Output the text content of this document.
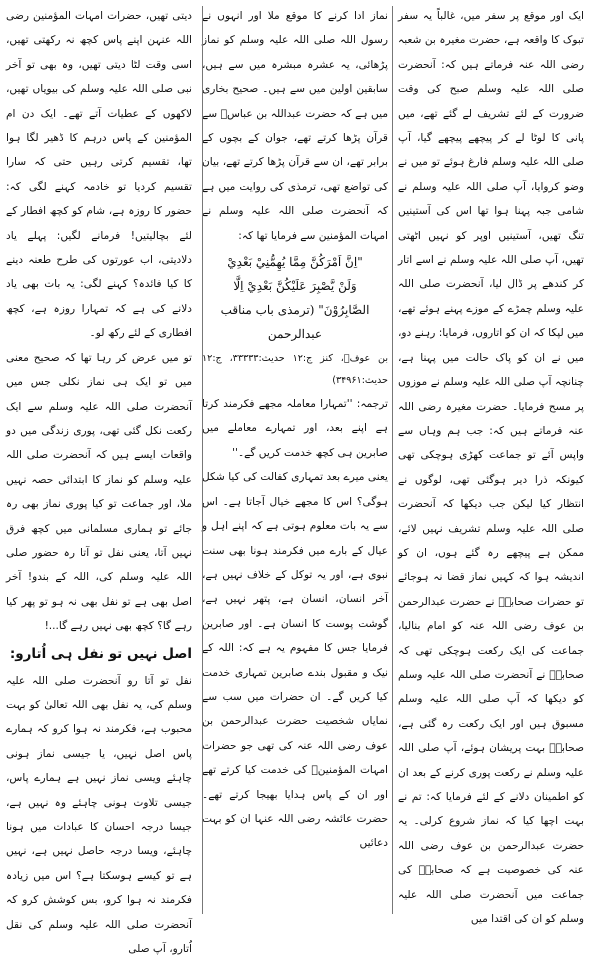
ایک اور موقع پر سفر میں، غالباً یہ سفر تبوک کا واقعہ ہے، حضرت مغیرہ بن شعبہ رضی اللہ عنہ فرماتے ہیں کہ: آنحضرت صلی اللہ علیہ وسلم صبح کی وقت ضرورت کے لئے تشریف لے گئے تھے، میں پانی کا لوٹا لے کر پیچھے پیچھے گیا، آپ صلی اللہ علیہ وسلم فارغ ہوئے تو میں نے وضو کروایا، آپ صلی اللہ علیہ وسلم نے شامی جبہ پہنا ہوا تھا اس کی آستینیں تنگ تھیں، آستینیں اوپر کو نہیں اٹھتی تھیں، آپ صلی اللہ علیہ وسلم نے اسے اتار کر کندھے پر ڈال لیا، آنحضرت صلی اللہ علیہ وسلم چمڑے کے موزے پہنے ہوئے تھے، میں لپکا کہ ان کو اتاروں، فرمایا: رہنے دو، میں نے ان کو پاک حالت میں پہنا ہے، چنانچہ آپ صلی اللہ علیہ وسلم نے موزوں پر مسح فرمایا۔ حضرت مغیرہ رضی اللہ عنہ فرماتے ہیں کہ: جب ہم وہاں سے واپس آئے تو جماعت کھڑی ہوچکی تھی کیونکہ ذرا دیر ہوگئی تھی، لوگوں نے انتظار کیا لیکن جب دیکھا کہ آنحضرت صلی اللہ علیہ وسلم تشریف نہیں لائے، ممکن ہے پیچھے رہ گئے ہوں، ان کو اندیشہ ہوا کہ کہیں نماز قضا نہ ہوجائے تو حضرات صحابہؓ نے حضرت عبدالرحمن بن عوف رضی اللہ عنہ کو امام بنالیا، جماعت کی ایک رکعت ہوچکی تھی کہ صحابہؓ نے آنحضرت صلی اللہ علیہ وسلم کو دیکھا کہ آپ صلی اللہ علیہ وسلم مسبوق ہیں اور ایک رکعت رہ گئی ہے، صحابہؓ بہت پریشان ہوئے، آپ صلی اللہ علیہ وسلم نے رکعت پوری کرنے کے بعد ان کو اطمینان دلانے کے لئے فرمایا کہ: تم نے بہت اچھا کیا کہ نماز شروع کرلی۔ یہ حضرت عبدالرحمن بن عوف رضی اللہ عنہ کی خصوصیت ہے کہ صحابہؓ کی جماعت میں آنحضرت صلی اللہ علیہ وسلم کو ان کی اقتدا میں

نماز ادا کرنے کا موقع ملا اور انہوں نے رسول اللہ صلی اللہ علیہ وسلم کو نماز پڑھائی، یہ عشرہ مبشرہ میں سے ہیں، سابقین اولین میں سے ہیں۔ صحیح بخاری میں ہے کہ حضرت عبداللہ بن عباسؓ سے قرآن پڑھا کرتے تھے، جوان کے بچوں کے برابر تھے، ان سے قرآن پڑھا کرتے تھے، بیان کی تواضع تھی، ترمذی کی روایت میں ہے کہ آنحضرت صلی اللہ علیہ وسلم نے امہات المؤمنین سے فرمایا تھا کہ:

"اِنَّ اَمْرَكُنَّ مِمَّا يُهِمُّنِيْ بَعْدِيْ
وَلَنْ يَّصْبِرَ عَلَيْكُنَّ بَعْدِيْ اِلَّا
الصَّابِرُوْنَ" (ترمذی باب مناقب عبدالرحمن

بن عوفؓ، کنز ج:۱۲ حدیث:۳۳۳۳۳، ج:۱۲ حدیث:۳۴۹۶۱)

ترجمہ: ''تمہارا معاملہ مجھے فکرمند کرتا ہے اپنے بعد، اور تمہارے معاملے میں صابرین ہی کچھ خدمت کریں گے۔''

یعنی میرے بعد تمہاری کفالت کی کیا شکل ہوگی؟ اس کا مجھے خیال آجاتا ہے۔ اس سے یہ بات معلوم ہوتی ہے کہ اپنے اہل و عیال کے بارے میں فکرمند ہونا بھی سنت نبوی ہے، اور یہ توکل کے خلاف نہیں ہے، آخر انسان، انسان ہے، پتھر نہیں ہے، گوشت پوست کا انسان ہے۔ اور صابرین فرمایا جس کا مفہوم یہ ہے کہ: اللہ کے نیک و مقبول بندے صابرین تمہاری خدمت کیا کریں گے۔ ان حضرات میں سب سے نمایاں شخصیت حضرت عبدالرحمن بن عوف رضی اللہ عنہ کی تھی جو حضرات امہات المؤمنینؓ کی خدمت کیا کرتے تھے اور ان کے پاس ہدایا بھیجا کرتے تھے۔ حضرت عائشہ رضی اللہ عنہا ان کو بہت دعائیں

دیتی تھیں، حضرات امہات المؤمنین رضی اللہ عنہن اپنے پاس کچھ نہ رکھتی تھیں، اسی وقت لٹا دیتی تھیں، وہ بھی تو آخر نبی صلی اللہ علیہ وسلم کی بیویاں تھیں، لاکھوں کے عطیات آتے تھے۔ ایک دن ام المؤمنین کے پاس درہم کا ڈھیر لگا ہوا تھا، تقسیم کرتی رہیں حتی کہ سارا تقسیم کردیا تو خادمہ کہنے لگی کہ: حضور کا روزہ ہے، شام کو کچھ افطار کے لئے بچالیتیں! فرمانے لگیں: پہلے یاد دلادیتی، اب عورتوں کی طرح طعنہ دینے کا کیا فائدہ؟ کہنے لگی: یہ بات بھی یاد دلانے کی ہے کہ تمہارا روزہ ہے، کچھ افطاری کے لئے رکھ لو۔

تو میں عرض کر رہا تھا کہ صحیح معنی میں تو ایک ہی نماز نکلی جس میں آنحضرت صلی اللہ علیہ وسلم سے ایک رکعت نکل گئی تھی، پوری زندگی میں دو واقعات ایسے ہیں کہ آنحضرت صلی اللہ علیہ وسلم کو نماز کا ابتدائی حصہ نہیں ملا، اور جماعت تو کیا پوری نماز بھی رہ جائے تو ہماری مسلمانی میں کچھ فرق نہیں آتا، یعنی نفل تو آتا رہ حضور صلی اللہ علیہ وسلم کی، اللہ کے بندو! آخر اصل بھی ہے تو نفل بھی نہ ہو تو پھر کیا رہے گا؟ کچھ بھی نہیں رہے گا...!

اصل نہیں تو نفل ہی اُتارو:

نفل تو آتا رو آنحضرت صلی اللہ علیہ وسلم کی، یہ نفل بھی اللہ تعالیٰ کو بہت محبوب ہے، فکرمند نہ ہوا کرو کہ ہمارے پاس اصل نہیں، یا جیسی نماز ہونی چاہئے ویسی نماز نہیں ہے ہمارے پاس، جیسی تلاوت ہونی چاہئے وہ نہیں ہے، جیسا درجہ احسان کا عبادات میں ہونا چاہئے، ویسا درجہ حاصل نہیں ہے، نہیں ہے تو کیسے ہوسکتا ہے؟ اس میں زیادہ فکرمند نہ ہوا کرو، بس کوشش کرو کہ آنحضرت صلی اللہ علیہ وسلم کی نقل اُتارو، آپ صلی
